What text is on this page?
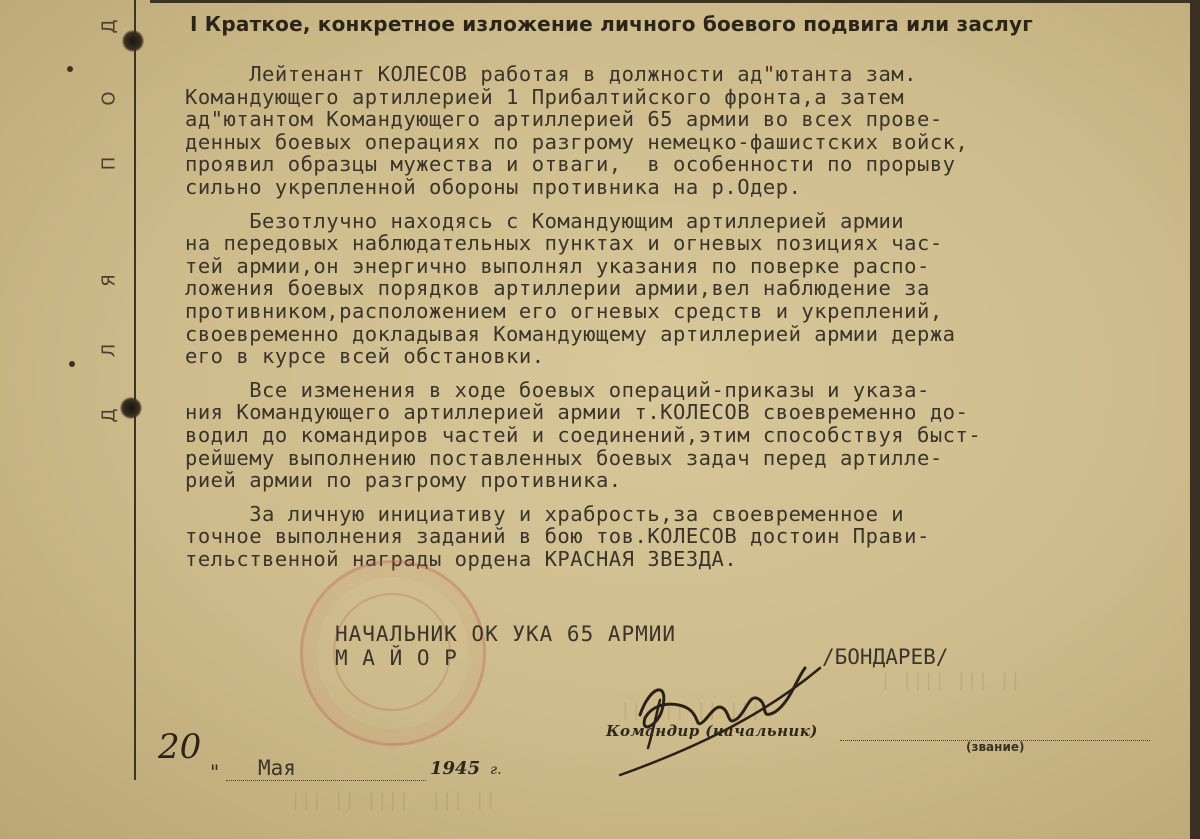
Д
Л
Я
П
О
Д	I Краткое, конкретное изложение личного боевого подвига или заслуг
Лейтенант КОЛЕСОВ работая в должности ад"ютанта зам.
Командующего артиллерией 1 Прибалтийского фронта,а затем
ад"ютантом Командующего артиллерией 65 армии во всех прове-
денных боевых операциях по разгрому немецко-фашистских войск,
проявил образцы мужества и отваги,  в особенности по прорыву
сильно укрепленной обороны противника на р.Одер.
Безотлучно находясь с Командующим артиллерией армии
на передовых наблюдательных пунктах и огневых позициях час-
тей армии,он энергично выполнял указания по поверке распо-
ложения боевых порядков артиллерии армии,вел наблюдение за
противником,расположением его огневых средств и укреплений,
своевременно докладывая Командующему артиллерией армии держа
его в курсе всей обстановки.
Все изменения в ходе боевых операций-приказы и указа-
ния Командующего артиллерией армии т.КОЛЕСОВ своевременно до-
водил до командиров частей и соединений,этим способствуя быст-
рейшему выполнению поставленных боевых задач перед артилле-
рией армии по разгрому противника.
За личную инициативу и храбрость,за своевременное и
точное выполнения заданий в бою тов.КОЛЕСОВ достоин Прави-
тельственной награды ордена КРАСНАЯ ЗВЕЗДА.
| |||| ||| ||
|| ||| || |||
||| || ||||  ||| ||
НАЧАЛЬНИК ОК УКА 65 АРМИИ
М А Й О Р	/БОНДАРЕВ/
Командир (начальник)
(звание)
20
" Мая	1945 г.
